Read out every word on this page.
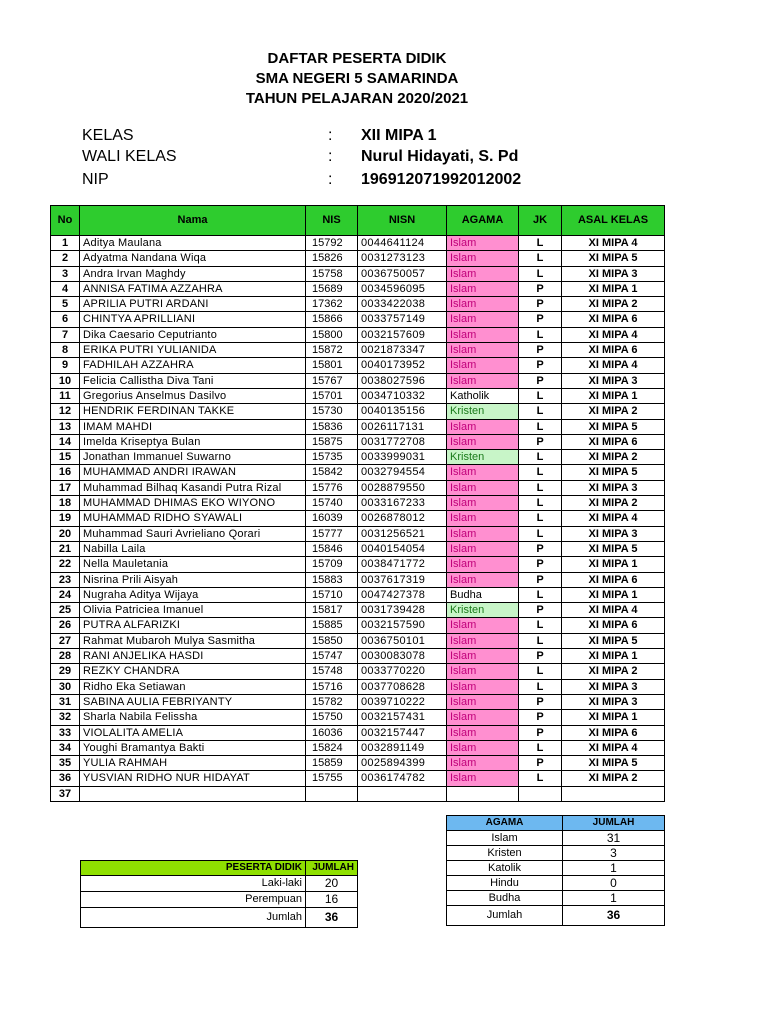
DAFTAR PESERTA DIDIK
SMA NEGERI 5 SAMARINDA
TAHUN PELAJARAN 2020/2021
KELAS	: XII MIPA 1
WALI KELAS	: Nurul Hidayati, S. Pd
NIP	: 196912071992012002
No	Nama	NIS	NISN	AGAMA	JK	ASAL KELAS
1	Aditya Maulana	15792	0044641124	Islam	L	XI MIPA 4
2	Adyatma Nandana Wiqa	15826	0031273123	Islam	L	XI MIPA 5
3	Andra Irvan Maghdy	15758	0036750057	Islam	L	XI MIPA 3
4	ANNISA FATIMA AZZAHRA	15689	0034596095	Islam	P	XI MIPA 1
5	APRILIA PUTRI ARDANI	17362	0033422038	Islam	P	XI MIPA 2
6	CHINTYA APRILLIANI	15866	0033757149	Islam	P	XI MIPA 6
7	Dika Caesario Ceputrianto	15800	0032157609	Islam	L	XI MIPA 4
8	ERIKA PUTRI YULIANIDA	15872	0021873347	Islam	P	XI MIPA 6
9	FADHILAH AZZAHRA	15801	0040173952	Islam	P	XI MIPA 4
10	Felicia Callistha Diva Tani	15767	0038027596	Islam	P	XI MIPA 3
11	Gregorius Anselmus Dasilvo	15701	0034710332	Katholik	L	XI MIPA 1
12	HENDRIK FERDINAN TAKKE	15730	0040135156	Kristen	L	XI MIPA 2
13	IMAM MAHDI	15836	0026117131	Islam	L	XI MIPA 5
14	Imelda Kriseptya Bulan	15875	0031772708	Islam	P	XI MIPA 6
15	Jonathan Immanuel Suwarno	15735	0033999031	Kristen	L	XI MIPA 2
16	MUHAMMAD ANDRI IRAWAN	15842	0032794554	Islam	L	XI MIPA 5
17	Muhammad Bilhaq Kasandi Putra Rizal	15776	0028879550	Islam	L	XI MIPA 3
18	MUHAMMAD DHIMAS EKO WIYONO	15740	0033167233	Islam	L	XI MIPA 2
19	MUHAMMAD RIDHO SYAWALI	16039	0026878012	Islam	L	XI MIPA 4
20	Muhammad Sauri Avrieliano Qorari	15777	0031256521	Islam	L	XI MIPA 3
21	Nabilla Laila	15846	0040154054	Islam	P	XI MIPA 5
22	Nella Mauletania	15709	0038471772	Islam	P	XI MIPA 1
23	Nisrina Prili Aisyah	15883	0037617319	Islam	P	XI MIPA 6
24	Nugraha Aditya Wijaya	15710	0047427378	Budha	L	XI MIPA 1
25	Olivia Patriciea Imanuel	15817	0031739428	Kristen	P	XI MIPA 4
26	PUTRA ALFARIZKI	15885	0032157590	Islam	L	XI MIPA 6
27	Rahmat Mubaroh Mulya Sasmitha	15850	0036750101	Islam	L	XI MIPA 5
28	RANI ANJELIKA HASDI	15747	0030083078	Islam	P	XI MIPA 1
29	REZKY CHANDRA	15748	0033770220	Islam	L	XI MIPA 2
30	Ridho Eka Setiawan	15716	0037708628	Islam	L	XI MIPA 3
31	SABINA AULIA FEBRIYANTY	15782	0039710222	Islam	P	XI MIPA 3
32	Sharla Nabila Felissha	15750	0032157431	Islam	P	XI MIPA 1
33	VIOLALITA AMELIA	16036	0032157447	Islam	P	XI MIPA 6
34	Youghi Bramantya Bakti	15824	0032891149	Islam	L	XI MIPA 4
35	YULIA RAHMAH	15859	0025894399	Islam	P	XI MIPA 5
36	YUSVIAN RIDHO NUR HIDAYAT	15755	0036174782	Islam	L	XI MIPA 2
37						
PESERTA DIDIK	JUMLAH
Laki-laki	20
Perempuan	16
Jumlah	36
AGAMA	JUMLAH
Islam	31
Kristen	3
Katolik	1
Hindu	0
Budha	1
Jumlah	36
